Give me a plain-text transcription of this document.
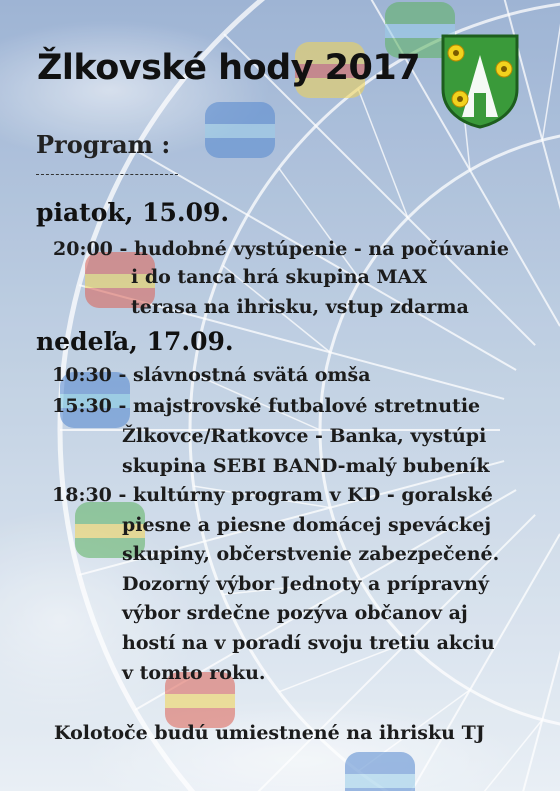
Žlkovské hody 2017
Program :
piatok, 15.09.
20:00 - hudobné vystúpenie - na počúvanie
i do tanca hrá skupina MAX
terasa na ihrisku, vstup zdarma
nedeľa, 17.09.
10:30 - slávnostná svätá omša
15:30 - majstrovské futbalové stretnutie
Žlkovce/Ratkovce - Banka, vystúpi
skupina SEBI BAND-malý bubeník
18:30 - kultúrny program v KD - goralské
piesne a piesne domácej speváckej
skupiny, občerstvenie zabezpečené.
Dozorný výbor Jednoty a prípravný
výbor srdečne pozýva občanov aj
hostí na v poradí svoju tretiu akciu
v tomto roku.
Kolotoče budú umiestnené na ihrisku TJ
